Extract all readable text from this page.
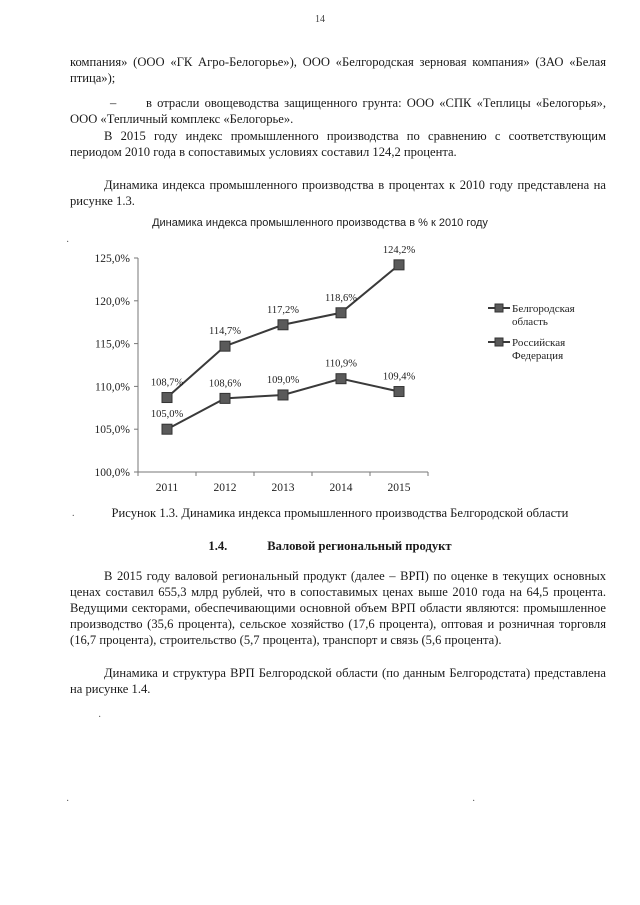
14

компания» (ООО «ГК Агро-Белогорье»), ООО «Белгородская зерновая компания» (ЗАО «Белая птица»);

– в отрасли овощеводства защищенного грунта: ООО «СПК «Теплицы «Белогорья», ООО «Тепличный комплекс «Белогорье».

В 2015 году индекс промышленного производства по сравнению с соответствующим периодом 2010 года в сопоставимых условиях составил 124,2 процента.

Динамика индекса промышленного производства в процентах к 2010 году представлена на рисунке 1.3.

Динамика индекса промышленного производства в % к 2010 году
100,0%
105,0%
110,0%
115,0%
120,0%
125,0%
2011	2012	2013	2014	2015
108,7%
114,7%
117,2%
118,6%
124,2%
105,0%
108,6% 109,0%
110,9%
109,4%
Белгородская
область
Российская
Федерация
Рисунок 1.3. Динамика индекса промышленного производства Белгородской области
1.4.	Валовой региональный продукт

В 2015 году валовой региональный продукт (далее – ВРП) по оценке в текущих основных ценах составил 655,3 млрд рублей, что в сопоставимых ценах выше 2010 года на 64,5 процента. Ведущими секторами, обеспечивающими основной объем ВРП области являются: промышленное производство (35,6 процента), сельское хозяйство (17,6 процента), оптовая и розничная торговля (16,7 процента), строительство (5,7 процента), транспорт и связь (5,6 процента).

Динамика и структура ВРП Белгородской области (по данным Белгородстата) представлена на рисунке 1.4.

·
.
·
·	·
